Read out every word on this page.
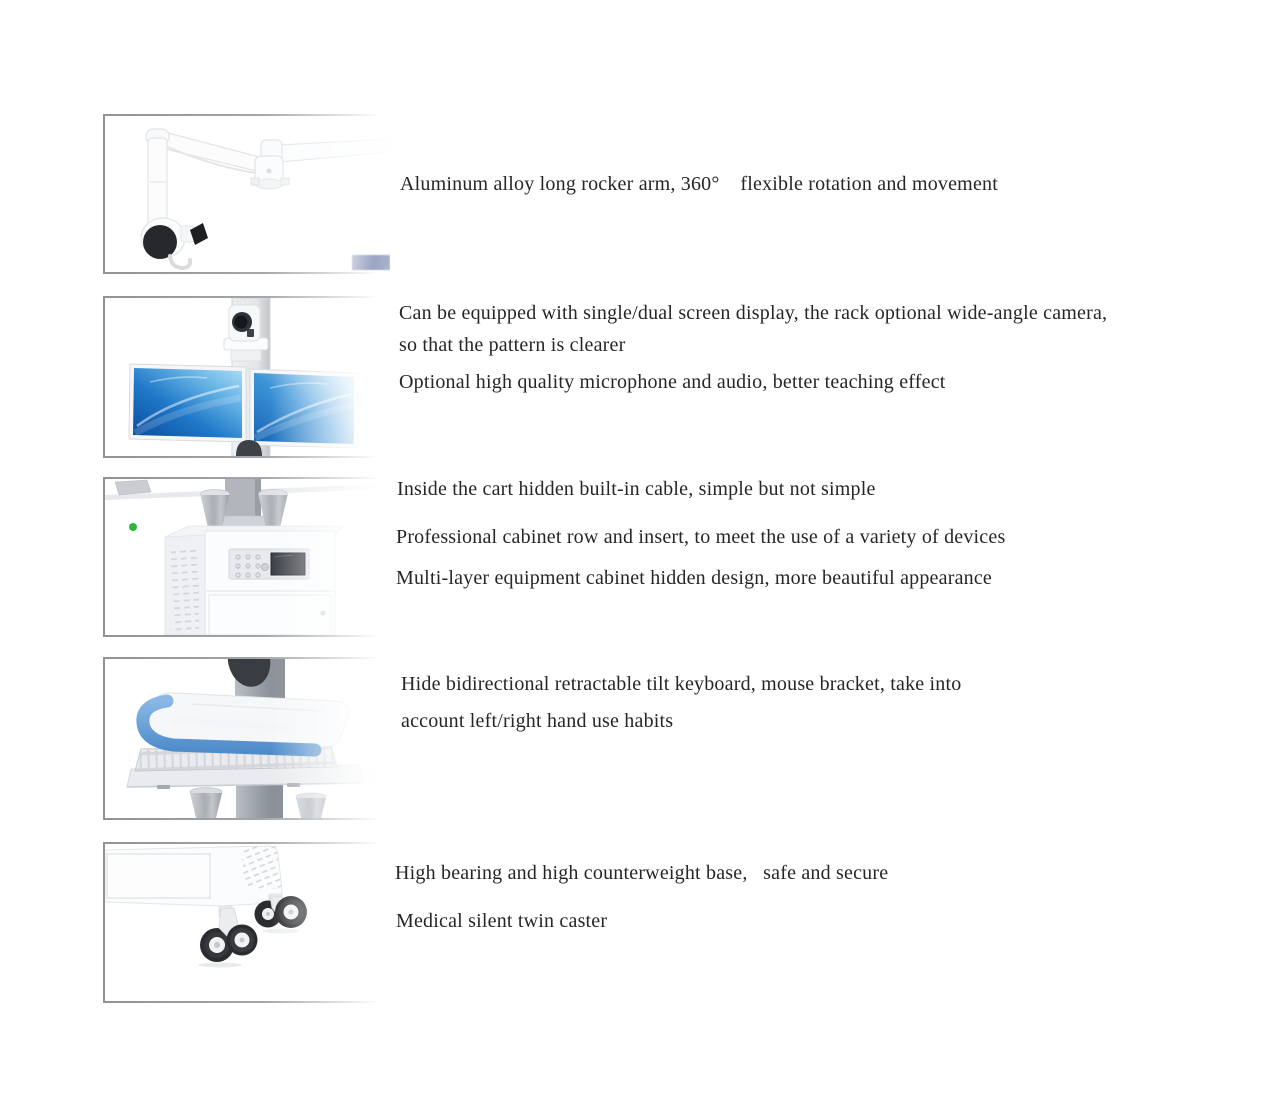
Aluminum alloy long rocker arm, 360°    flexible rotation and movement

Can be equipped with single/dual screen display, the rack optional wide-angle camera,

so that the pattern is clearer

Optional high quality microphone and audio, better teaching effect

Inside the cart hidden built-in cable, simple but not simple

Professional cabinet row and insert, to meet the use of a variety of devices

Multi-layer equipment cabinet hidden design, more beautiful appearance

Hide bidirectional retractable tilt keyboard, mouse bracket, take into

account left/right hand use habits

High bearing and high counterweight base,   safe and secure

Medical silent twin caster
